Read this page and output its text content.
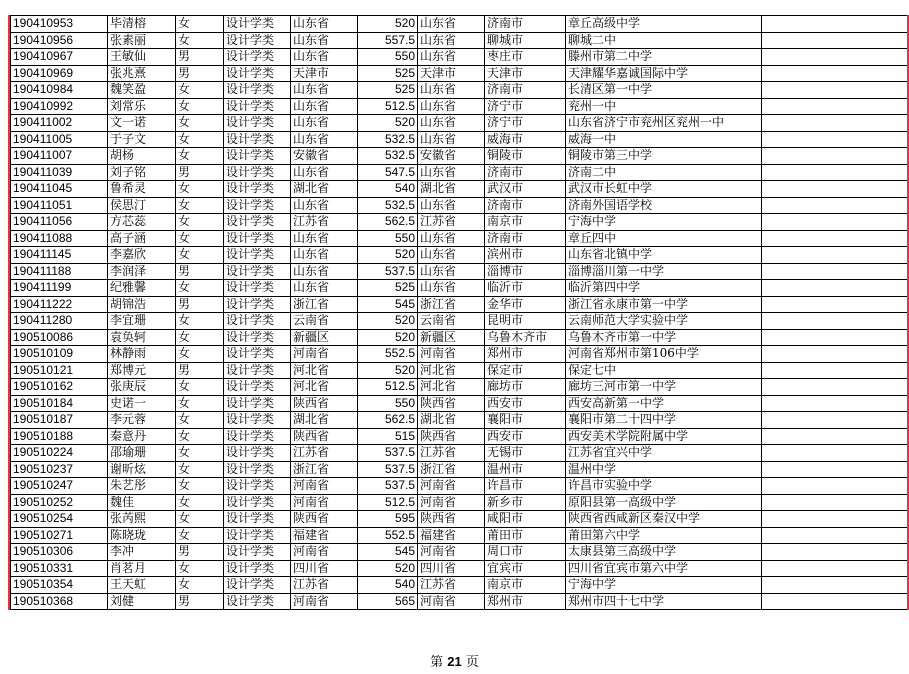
190410953	毕清榕	女	设计学类	山东省	520	山东省	济南市	章丘高级中学	
190410956	张素丽	女	设计学类	山东省	557.5	山东省	聊城市	聊城二中	
190410967	王敏仙	男	设计学类	山东省	550	山东省	枣庄市	滕州市第二中学	
190410969	张兆熹	男	设计学类	天津市	525	天津市	天津市	天津耀华嘉诚国际中学	
190410984	魏笑盈	女	设计学类	山东省	525	山东省	济南市	长清区第一中学	
190410992	刘常乐	女	设计学类	山东省	512.5	山东省	济宁市	兖州一中	
190411002	文一诺	女	设计学类	山东省	520	山东省	济宁市	山东省济宁市兖州区兖州一中	
190411005	于子文	女	设计学类	山东省	532.5	山东省	威海市	威海一中	
190411007	胡杨	女	设计学类	安徽省	532.5	安徽省	铜陵市	铜陵市第三中学	
190411039	刘子铭	男	设计学类	山东省	547.5	山东省	济南市	济南二中	
190411045	鲁希灵	女	设计学类	湖北省	540	湖北省	武汉市	武汉市长虹中学	
190411051	侯思汀	女	设计学类	山东省	532.5	山东省	济南市	济南外国语学校	
190411056	方芯蕊	女	设计学类	江苏省	562.5	江苏省	南京市	宁海中学	
190411088	高子涵	女	设计学类	山东省	550	山东省	济南市	章丘四中	
190411145	李嘉欣	女	设计学类	山东省	520	山东省	滨州市	山东省北镇中学	
190411188	李润泽	男	设计学类	山东省	537.5	山东省	淄博市	淄博淄川第一中学	
190411199	纪雅馨	女	设计学类	山东省	525	山东省	临沂市	临沂第四中学	
190411222	胡锦浩	男	设计学类	浙江省	545	浙江省	金华市	浙江省永康市第一中学	
190411280	李宜珊	女	设计学类	云南省	520	云南省	昆明市	云南师范大学实验中学	
190510086	袁奂轲	女	设计学类	新疆区	520	新疆区	乌鲁木齐市	乌鲁木齐市第一中学	
190510109	林静雨	女	设计学类	河南省	552.5	河南省	郑州市	河南省郑州市第106中学	
190510121	郑博元	男	设计学类	河北省	520	河北省	保定市	保定七中	
190510162	张庚辰	女	设计学类	河北省	512.5	河北省	廊坊市	廊坊三河市第一中学	
190510184	史诺一	女	设计学类	陕西省	550	陕西省	西安市	西安高新第一中学	
190510187	李元蓉	女	设计学类	湖北省	562.5	湖北省	襄阳市	襄阳市第二十四中学	
190510188	秦意丹	女	设计学类	陕西省	515	陕西省	西安市	西安美术学院附属中学	
190510224	邵瑜珊	女	设计学类	江苏省	537.5	江苏省	无锡市	江苏省宜兴中学	
190510237	谢昕炫	女	设计学类	浙江省	537.5	浙江省	温州市	温州中学	
190510247	朱艺彤	女	设计学类	河南省	537.5	河南省	许昌市	许昌市实验中学	
190510252	魏佳	女	设计学类	河南省	512.5	河南省	新乡市	原阳县第一高级中学	
190510254	张芮熙	女	设计学类	陕西省	595	陕西省	咸阳市	陕西省西咸新区秦汉中学	
190510271	陈晓珑	女	设计学类	福建省	552.5	福建省	莆田市	莆田第六中学	
190510306	李冲	男	设计学类	河南省	545	河南省	周口市	太康县第三高级中学	
190510331	肖茗月	女	设计学类	四川省	520	四川省	宜宾市	四川省宜宾市第六中学	
190510354	王天虹	女	设计学类	江苏省	540	江苏省	南京市	宁海中学	
190510368	刘健	男	设计学类	河南省	565	河南省	郑州市	郑州市四十七中学	
第 21 页
